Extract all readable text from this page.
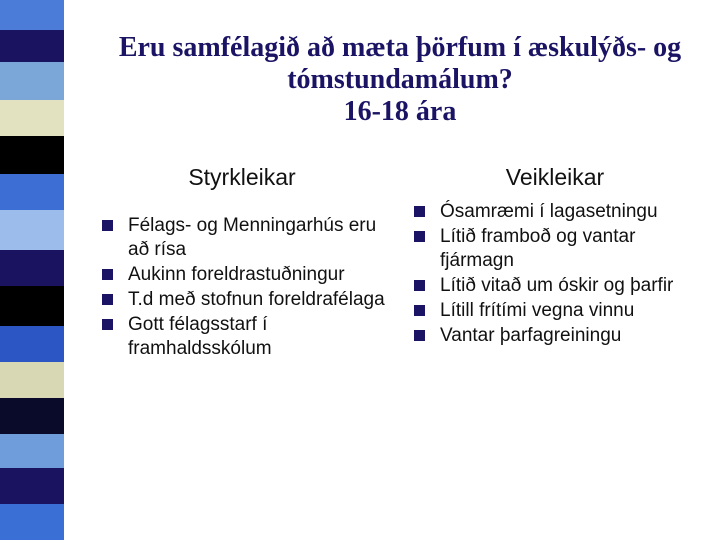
Eru samfélagið að mæta þörfum í æskulýðs- og
tómstundamálum?
16-18 ára
Styrkleikar
Félags- og Menningarhús eru að rísa
Aukinn foreldrastuðningur
T.d með stofnun foreldrafélaga
Gott félagsstarf í framhaldsskólum
Veikleikar
Ósamræmi í lagasetningu
Lítið framboð og vantar fjármagn
Lítið vitað um óskir og þarfir
Lítill frítími vegna vinnu
Vantar þarfagreiningu
